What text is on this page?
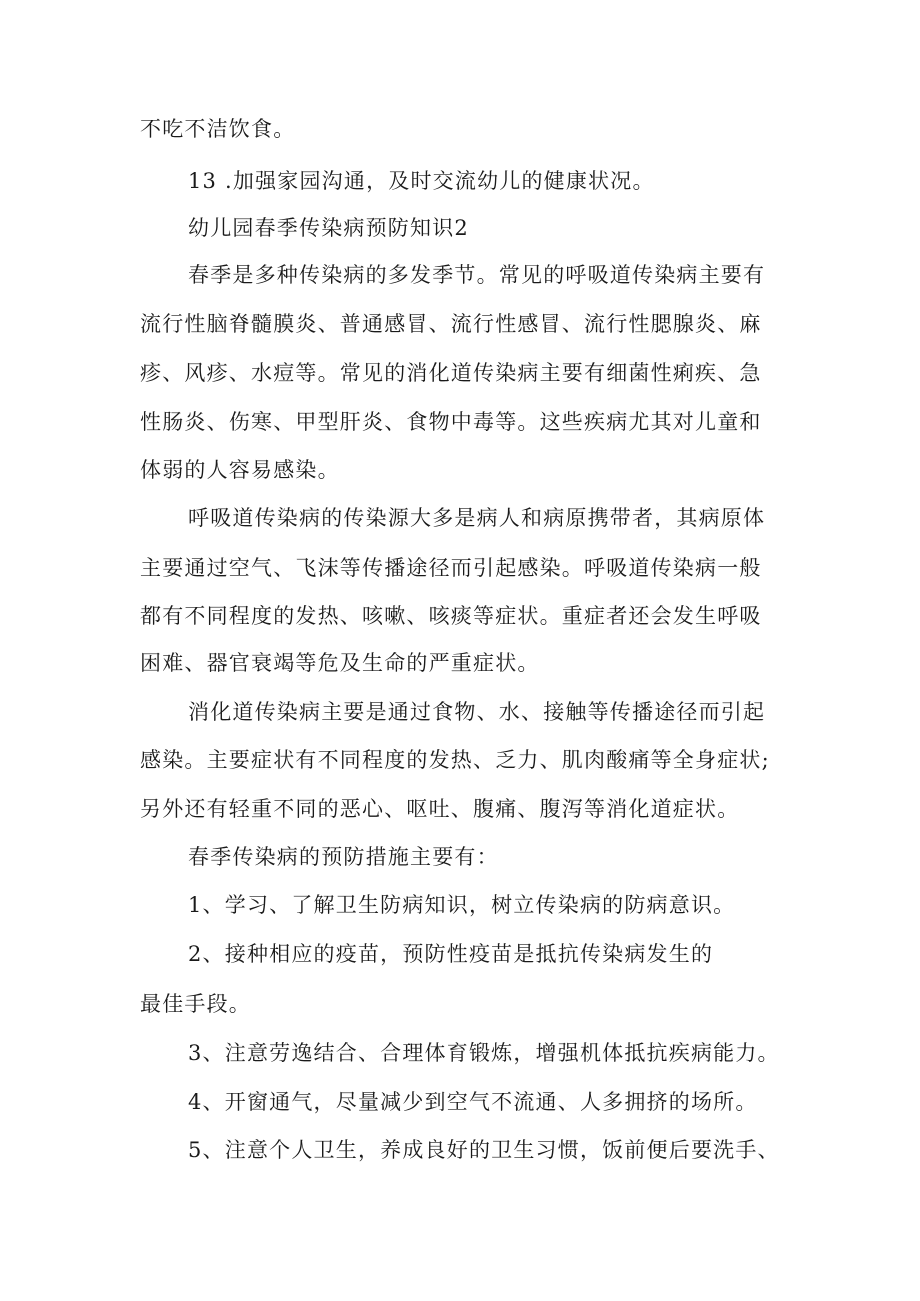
不吃不洁饮食。
13 .加强家园沟通，及时交流幼儿的健康状况。
幼儿园春季传染病预防知识2
春季是多种传染病的多发季节。常见的呼吸道传染病主要有
流行性脑脊髓膜炎、普通感冒、流行性感冒、流行性腮腺炎、麻
疹、风疹、水痘等。常见的消化道传染病主要有细菌性痢疾、急
性肠炎、伤寒、甲型肝炎、食物中毒等。这些疾病尤其对儿童和
体弱的人容易感染。
呼吸道传染病的传染源大多是病人和病原携带者，其病原体
主要通过空气、飞沫等传播途径而引起感染。呼吸道传染病一般
都有不同程度的发热、咳嗽、咳痰等症状。重症者还会发生呼吸
困难、器官衰竭等危及生命的严重症状。
消化道传染病主要是通过食物、水、接触等传播途径而引起
感染。主要症状有不同程度的发热、乏力、肌肉酸痛等全身症状;
另外还有轻重不同的恶心、呕吐、腹痛、腹泻等消化道症状。
春季传染病的预防措施主要有：
1、学习、了解卫生防病知识，树立传染病的防病意识。
2、接种相应的疫苗，预防性疫苗是抵抗传染病发生的
最佳手段。
3、注意劳逸结合、合理体育锻炼，增强机体抵抗疾病能力。
4、开窗通气，尽量减少到空气不流通、人多拥挤的场所。
5、注意个人卫生，养成良好的卫生习惯，饭前便后要洗手、
